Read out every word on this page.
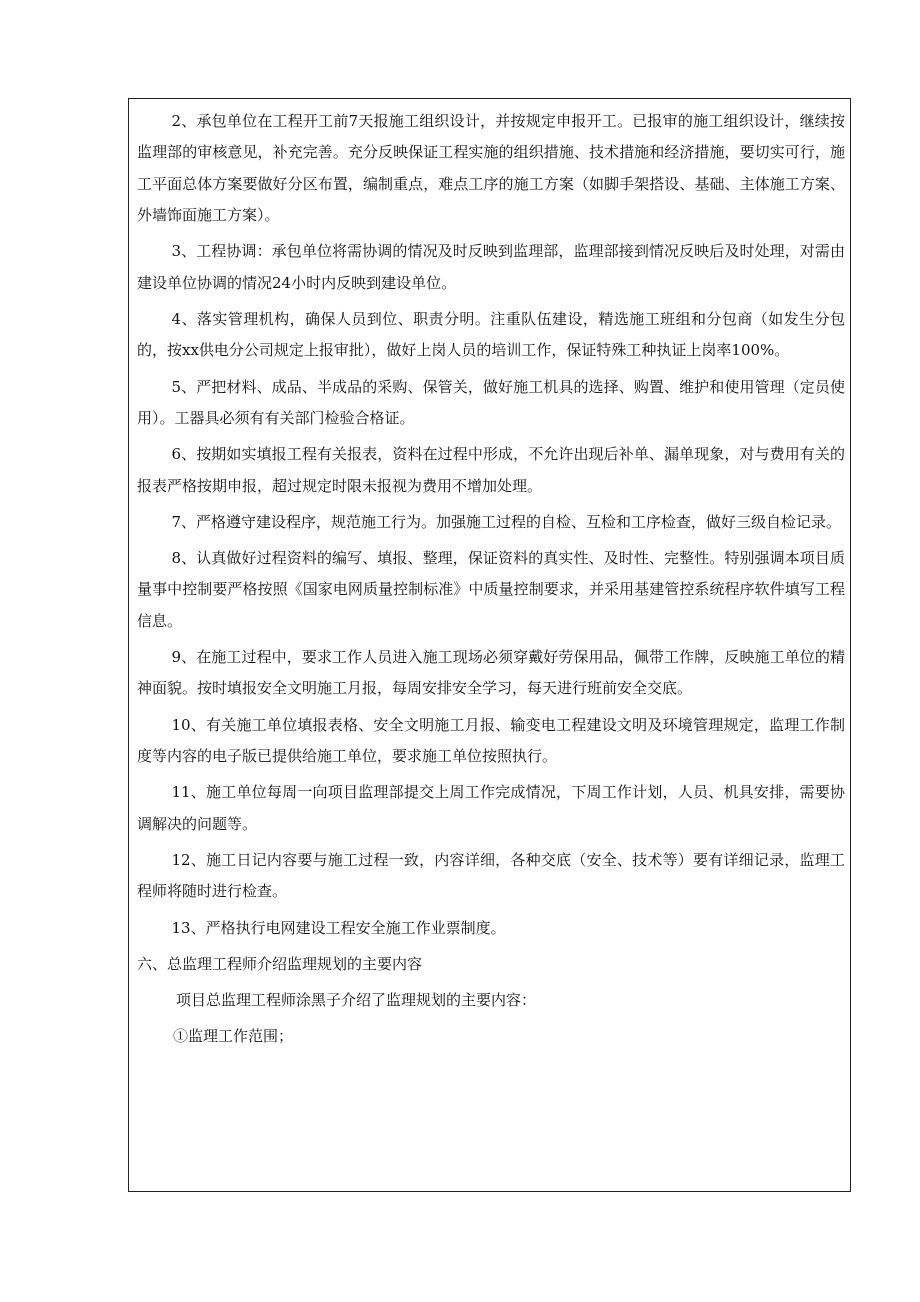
2、承包单位在工程开工前7天报施工组织设计，并按规定申报开工。已报审的施工组织设计，继续按监理部的审核意见，补充完善。充分反映保证工程实施的组织措施、技术措施和经济措施，要切实可行，施工平面总体方案要做好分区布置，编制重点，难点工序的施工方案（如脚手架搭设、基础、主体施工方案、外墙饰面施工方案）。

3、工程协调：承包单位将需协调的情况及时反映到监理部，监理部接到情况反映后及时处理，对需由建设单位协调的情况24小时内反映到建设单位。

4、落实管理机构，确保人员到位、职责分明。注重队伍建设，精选施工班组和分包商（如发生分包的，按xx供电分公司规定上报审批），做好上岗人员的培训工作，保证特殊工种执证上岗率100%。

5、严把材料、成品、半成品的采购、保管关，做好施工机具的选择、购置、维护和使用管理（定员使用）。工器具必须有有关部门检验合格证。

6、按期如实填报工程有关报表，资料在过程中形成，不允许出现后补单、漏单现象，对与费用有关的报表严格按期申报，超过规定时限未报视为费用不增加处理。

7、严格遵守建设程序，规范施工行为。加强施工过程的自检、互检和工序检查，做好三级自检记录。

8、认真做好过程资料的编写、填报、整理，保证资料的真实性、及时性、完整性。特别强调本项目质量事中控制要严格按照《国家电网质量控制标准》中质量控制要求，并采用基建管控系统程序软件填写工程信息。

9、在施工过程中，要求工作人员进入施工现场必须穿戴好劳保用品，佩带工作牌，反映施工单位的精神面貌。按时填报安全文明施工月报，每周安排安全学习，每天进行班前安全交底。

10、有关施工单位填报表格、安全文明施工月报、输变电工程建设文明及环境管理规定，监理工作制度等内容的电子版已提供给施工单位，要求施工单位按照执行。

11、施工单位每周一向项目监理部提交上周工作完成情况，下周工作计划，人员、机具安排，需要协调解决的问题等。

12、施工日记内容要与施工过程一致，内容详细，各种交底（安全、技术等）要有详细记录，监理工程师将随时进行检查。

13、严格执行电网建设工程安全施工作业票制度。

六、总监理工程师介绍监理规划的主要内容

项目总监理工程师涂黑子介绍了监理规划的主要内容：

①监理工作范围；
